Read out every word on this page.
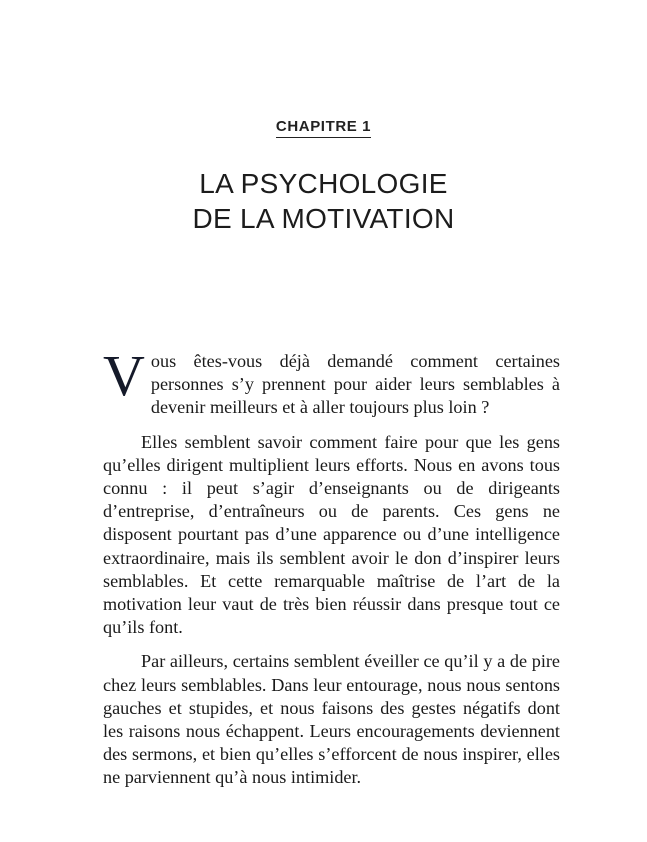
CHAPITRE 1
LA PSYCHOLOGIE
DE LA MOTIVATION

Vous êtes-vous déjà demandé comment certaines personnes s’y prennent pour aider leurs semblables à devenir meilleurs et à aller toujours plus loin ?

Elles semblent savoir comment faire pour que les gens qu’elles dirigent multiplient leurs efforts. Nous en avons tous connu : il peut s’agir d’enseignants ou de dirigeants d’entreprise, d’entraîneurs ou de parents. Ces gens ne disposent pourtant pas d’une apparence ou d’une intelligence extraordinaire, mais ils semblent avoir le don d’inspirer leurs semblables. Et cette remarquable maîtrise de l’art de la motivation leur vaut de très bien réussir dans presque tout ce qu’ils font.

Par ailleurs, certains semblent éveiller ce qu’il y a de pire chez leurs semblables. Dans leur entourage, nous nous sentons gauches et stupides, et nous faisons des gestes négatifs dont les raisons nous échappent. Leurs encouragements deviennent des sermons, et bien qu’elles s’efforcent de nous inspirer, elles ne parviennent qu’à nous intimider.
